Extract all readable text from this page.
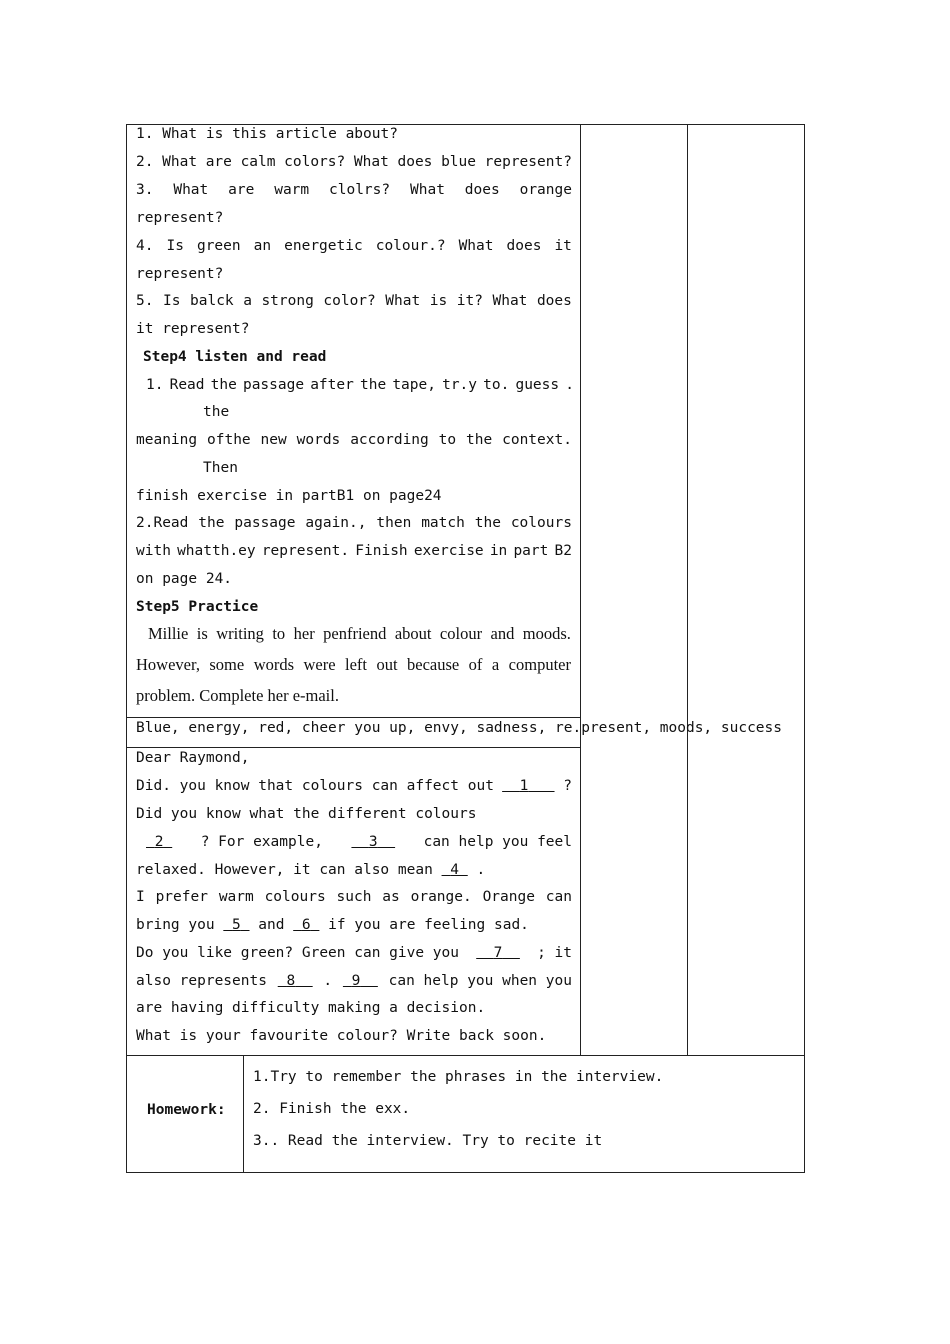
1. What is this article about?
2. What are calm colors? What does blue represent?
3. What are warm clolrs? What does orange
represent?
4. Is green an energetic colour.? What does it
represent?
5. Is balck a strong color? What is it? What does
it represent?
Step4 listen and read
1. Read the passage after the tape, tr.y to. guess .
the
meaning ofthe new words according to the context.
Then
finish exercise in partB1 on page24
2.Read the passage again., then match the colours
with whatth.ey represent. Finish exercise in part B2
on page 24.
Step5 Practice
Millie is writing to her penfriend about colour and moods.
However, some words were left out because of a computer
problem. Complete her e-mail.
Blue, energy, red, cheer you up, envy, sadness, re.present, moods, success
Dear Raymond,
Did. you know that colours can affect out	1 ?
Did you know what the different colours
2	? For example,	3	can help you feel
relaxed. However, it can also mean 4 .
I prefer warm colours such as orange. Orange can
bring you 5 and 6 if you are feeling sad.
Do you like green? Green can give you	7	; it
also represents	8	.	9	can help you when you
are having difficulty making a decision.
What is your favourite colour? Write back soon.
Homework:
1.Try to remember the phrases in the interview.
2. Finish the exx.
3.. Read the interview. Try to recite it
